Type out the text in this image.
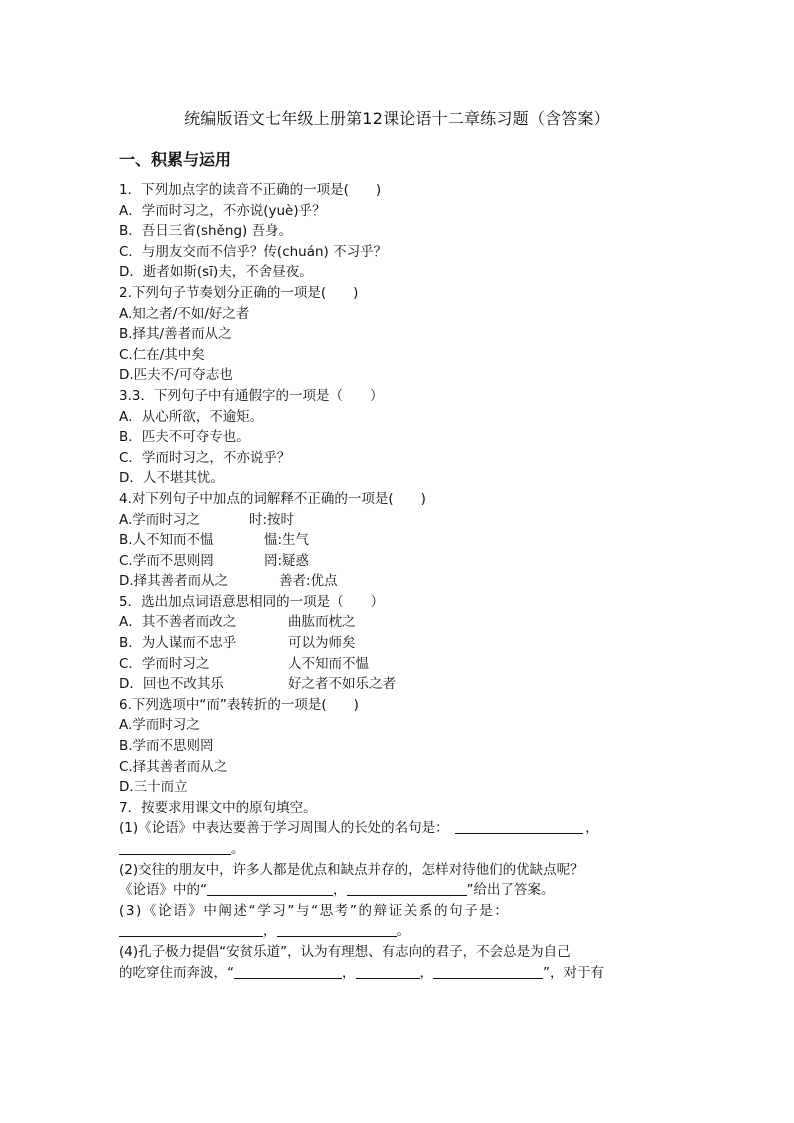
统编版语文七年级上册第12课论语十二章练习题（含答案）
一、积累与运用
1．下列加点字的读音不正确的一项是(　　)
A．学而时习之，不亦说(yuè)乎？
B．吾日三省(shěng) 吾身。
C．与朋友交而不信乎？传(chuán) 不习乎？
D．逝者如斯(sī)夫，不舍昼夜。
2.下列句子节奏划分正确的一项是(　　)
A.知之者/不如/好之者
B.择其/善者而从之
C.仁在/其中矣
D.匹夫不/可夺志也
3.3．下列句子中有通假字的一项是（　　）
A．从心所欲，不逾矩。
B．匹夫不可夺专也。
C．学而时习之，不亦说乎？
D．人不堪其忧。
4.对下列句子中加点的词解释不正确的一项是(　　)
A.学而时习之	时:按时
B.人不知而不愠	愠:生气
C.学而不思则罔	罔:疑惑
D.择其善者而从之	善者:优点
5．选出加点词语意思相同的一项是（　　）
A．其不善者而改之	曲肱而枕之
B．为人谋而不忠乎	可以为师矣
C．学而时习之	人不知而不愠
D．回也不改其乐	好之者不如乐之者
6.下列选项中“而”表转折的一项是(　　)
A.学而时习之
B.学而不思则罔
C.择其善者而从之
D.三十而立
7．按要求用课文中的原句填空。
(1)《论语》中表达要善于学习周围人的长处的名句是：	，
。
(2)交往的朋友中，许多人都是优点和缺点并存的，怎样对待他们的优缺点呢？
《论语》中的“	，	”给出了答案。
(3)《论语》中阐述“学习”与“思考”的辩证关系的句子是：
，	。
(4)孔子极力提倡“安贫乐道”，认为有理想、有志向的君子，不会总是为自己
的吃穿住而奔波，“	，	，	”，对于有
